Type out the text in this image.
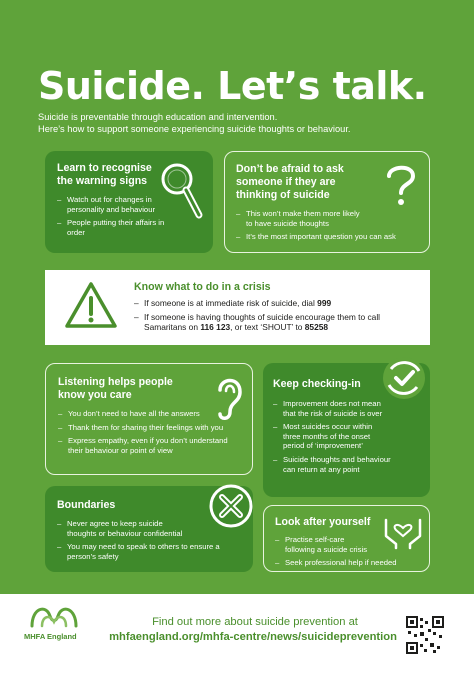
Suicide. Let’s talk.
Suicide is preventable through education and intervention.
Here’s how to support someone experiencing suicide thoughts or behaviour.
Learn to recognise the warning signs
– Watch out for changes in personality and behaviour
– People putting their affairs in order
Don’t be afraid to ask someone if they are thinking of suicide
– This won’t make them more likely to have suicide thoughts
– It’s the most important question you can ask
Know what to do in a crisis
– If someone is at immediate risk of suicide, dial 999
– If someone is having thoughts of suicide encourage them to call Samaritans on 116 123, or text ‘SHOUT’ to 85258
Listening helps people know you care
– You don’t need to have all the answers
– Thank them for sharing their feelings with you
– Express empathy, even if you don’t understand their behaviour or point of view
Keep checking-in
– Improvement does not mean that the risk of suicide is over
– Most suicides occur within three months of the onset period of ‘improvement’
– Suicide thoughts and behaviour can return at any point
Boundaries
– Never agree to keep suicide thoughts or behaviour confidential
– You may need to speak to others to ensure a person’s safety
Look after yourself
– Practise self-care following a suicide crisis
– Seek professional help if needed
MHFA England
Find out more about suicide prevention at
mhfaengland.org/mhfa-centre/news/suicideprevention
